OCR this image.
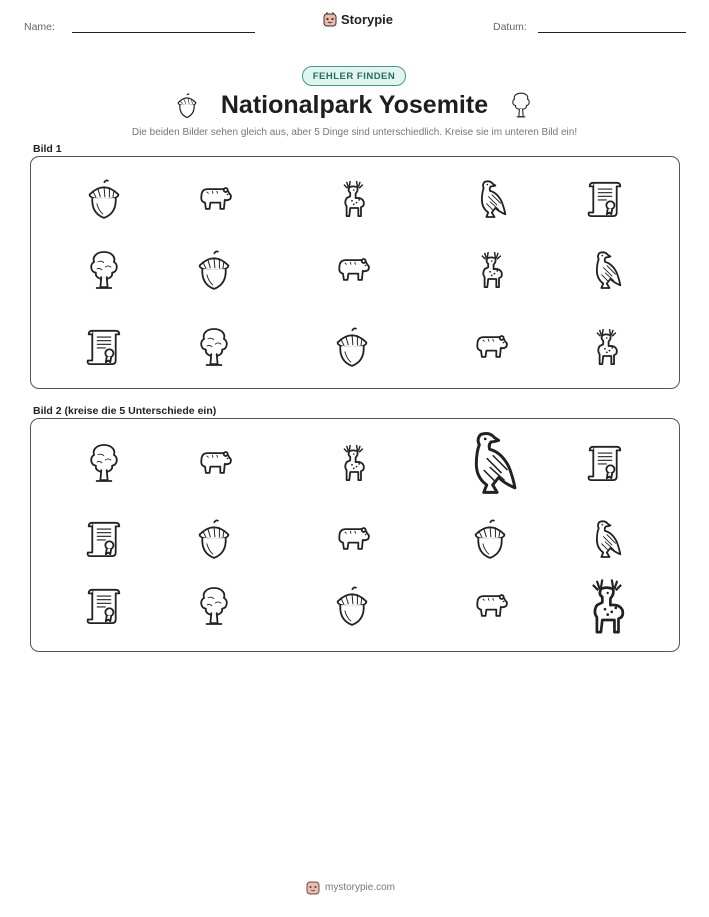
Name:	Storypie	Datum:
FEHLER FINDEN
Nationalpark Yosemite
Die beiden Bilder sehen gleich aus, aber 5 Dinge sind unterschiedlich. Kreise sie im unteren Bild ein!
Bild 1
Bild 2 (kreise die 5 Unterschiede ein)
mystorypie.com
